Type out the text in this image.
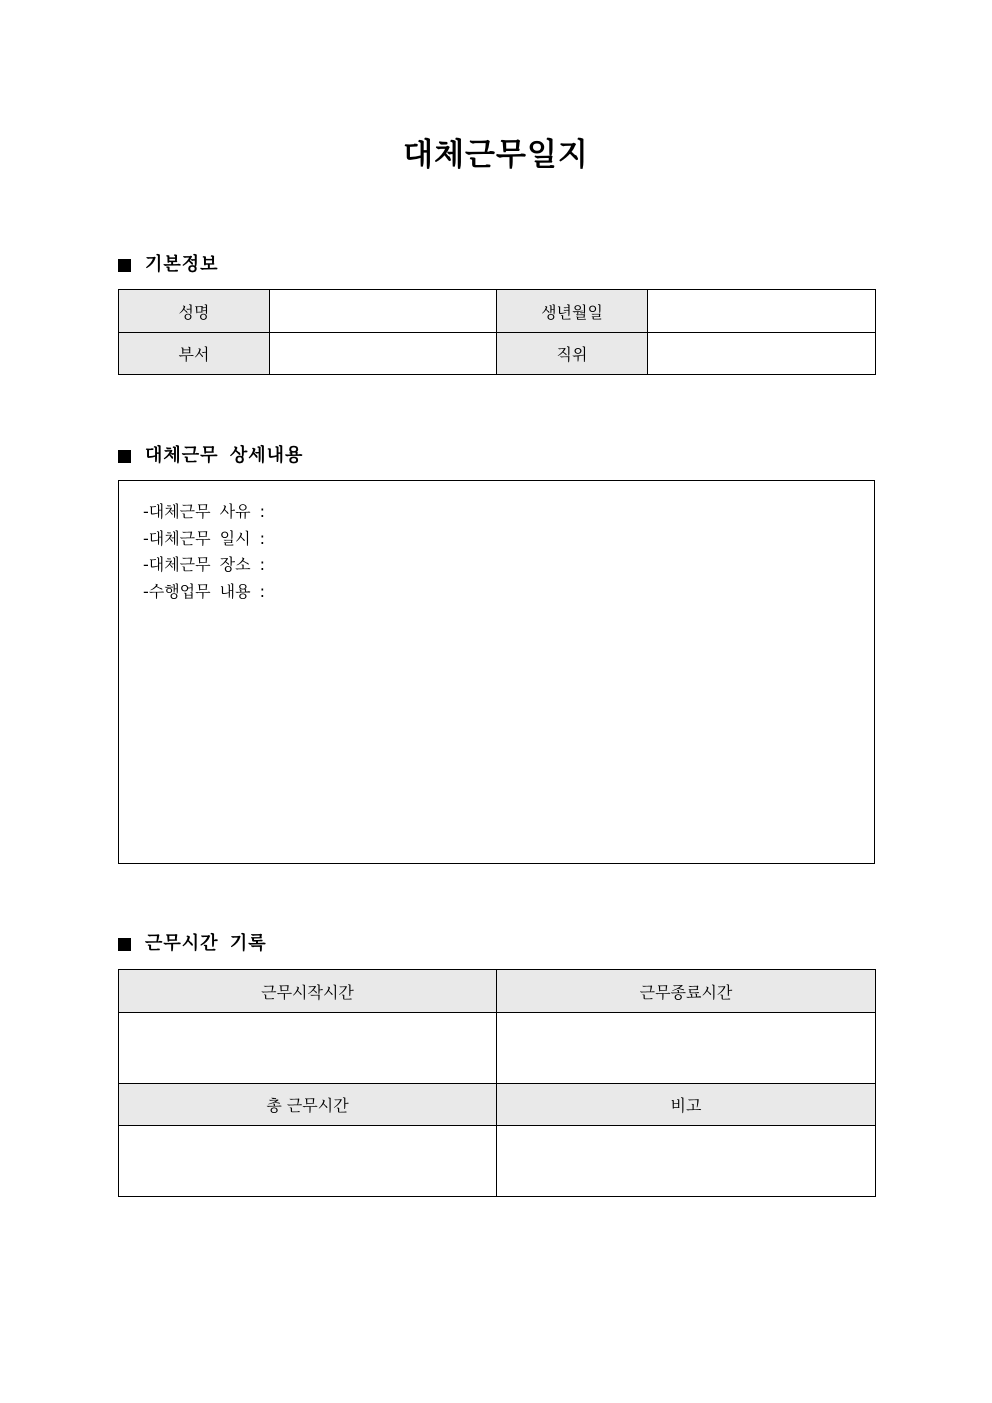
대체근무일지
기본정보
성명		생년월일	
부서		직위	
대체근무 상세내용
-대체근무 사유 :
-대체근무 일시 :
-대체근무 장소 :
-수행업무 내용 :
근무시간 기록
근무시작시간	근무종료시간

총 근무시간	비고
